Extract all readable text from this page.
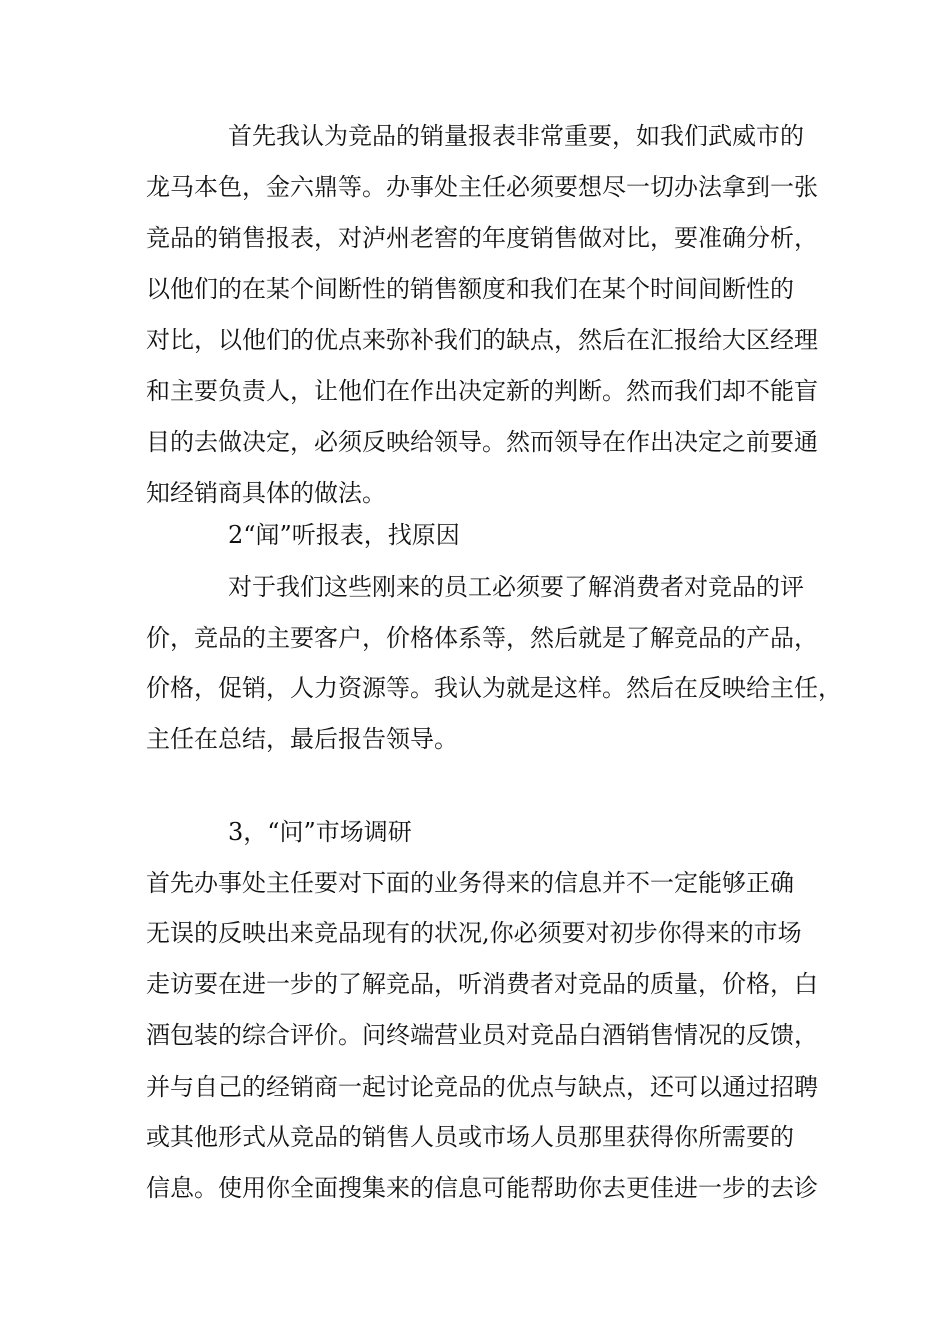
首先我认为竞品的销量报表非常重要，如我们武威市的
龙马本色，金六鼎等。办事处主任必须要想尽一切办法拿到一张
竞品的销售报表，对泸州老窖的年度销售做对比，要准确分析，
以他们的在某个间断性的销售额度和我们在某个时间间断性的
对比，以他们的优点来弥补我们的缺点，然后在汇报给大区经理
和主要负责人，让他们在作出决定新的判断。然而我们却不能盲
目的去做决定，必须反映给领导。然而领导在作出决定之前要通
知经销商具体的做法。
2“闻”听报表，找原因
对于我们这些刚来的员工必须要了解消费者对竞品的评
价，竞品的主要客户，价格体系等，然后就是了解竞品的产品，
价格，促销，人力资源等。我认为就是这样。然后在反映给主任，
主任在总结，最后报告领导。
3，“问”市场调研
首先办事处主任要对下面的业务得来的信息并不一定能够正确
无误的反映出来竞品现有的状况,你必须要对初步你得来的市场
走访要在进一步的了解竞品，听消费者对竞品的质量，价格，白
酒包装的综合评价。问终端营业员对竞品白酒销售情况的反馈，
并与自己的经销商一起讨论竞品的优点与缺点，还可以通过招聘
或其他形式从竞品的销售人员或市场人员那里获得你所需要的
信息。使用你全面搜集来的信息可能帮助你去更佳进一步的去诊
